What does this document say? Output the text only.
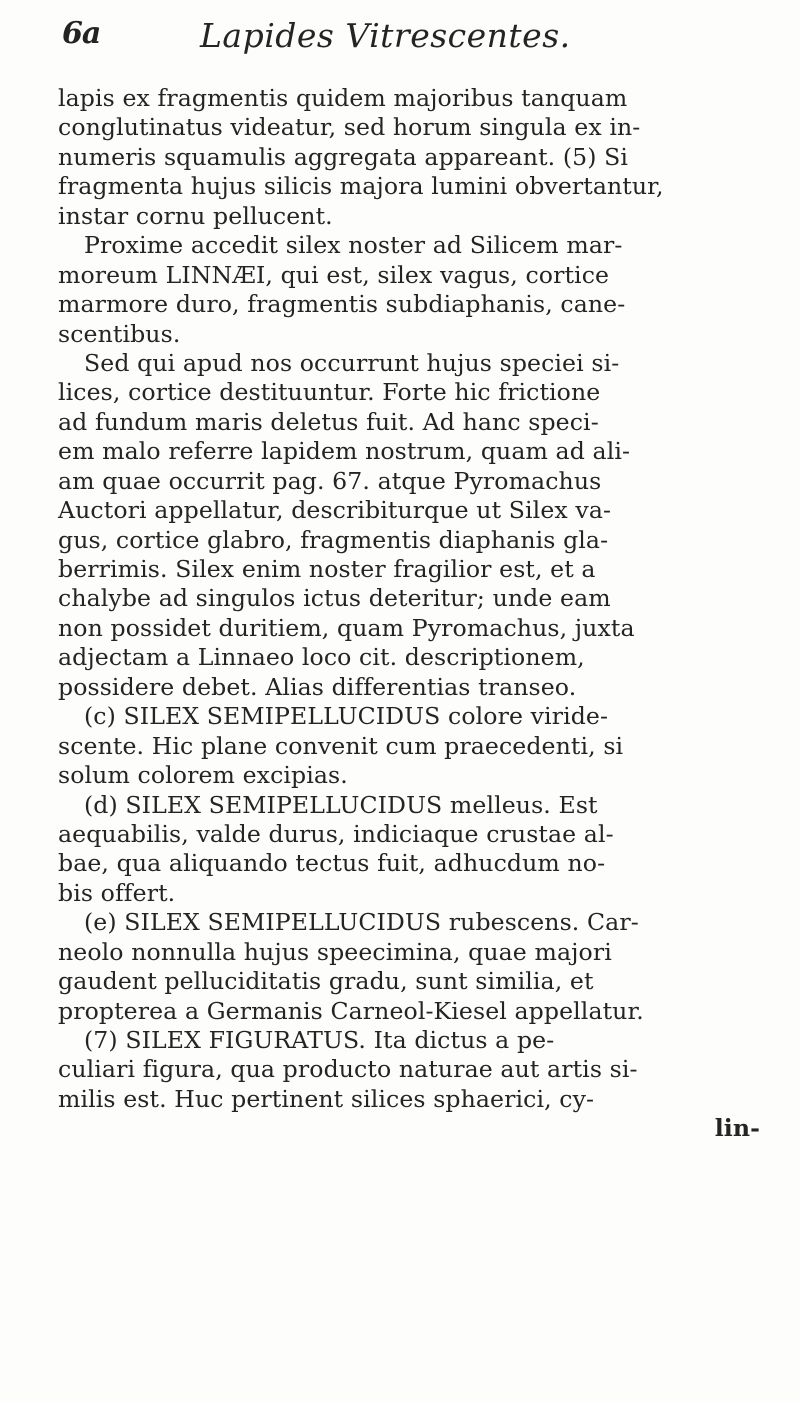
6a	Lapides Vitrescentes.
lapis ex fragmentis quidem majoribus tanquam
conglutinatus videatur, sed horum singula ex in-
numeris squamulis aggregata appareant. (5) Si
fragmenta hujus silicis majora lumini obvertantur,
instar cornu pellucent.
Proxime accedit silex noster ad Silicem mar-
moreum LINNÆI, qui est, silex vagus, cortice
marmore duro, fragmentis subdiaphanis, cane-
scentibus.
Sed qui apud nos occurrunt hujus speciei si-
lices, cortice destituuntur. Forte hic frictione
ad fundum maris deletus fuit. Ad hanc speci-
em malo referre lapidem nostrum, quam ad ali-
am quae occurrit pag. 67. atque Pyromachus
Auctori appellatur, describiturque ut Silex va-
gus, cortice glabro, fragmentis diaphanis gla-
berrimis. Silex enim noster fragilior est, et a
chalybe ad singulos ictus deteritur; unde eam
non possidet duritiem, quam Pyromachus, juxta
adjectam a Linnaeo loco cit. descriptionem,
possidere debet. Alias differentias transeo.
(c) SILEX SEMIPELLUCIDUS colore viride-
scente. Hic plane convenit cum praecedenti, si
solum colorem excipias.
(d) SILEX SEMIPELLUCIDUS melleus. Est
aequabilis, valde durus, indiciaque crustae al-
bae, qua aliquando tectus fuit, adhucdum no-
bis offert.
(e) SILEX SEMIPELLUCIDUS rubescens. Car-
neolo nonnulla hujus speecimina, quae majori
gaudent pelluciditatis gradu, sunt similia, et
propterea a Germanis Carneol-Kiesel appellatur.
(7) SILEX FIGURATUS. Ita dictus a pe-
culiari figura, qua producto naturae aut artis si-
milis est. Huc pertinent silices sphaerici, cy-
lin-
